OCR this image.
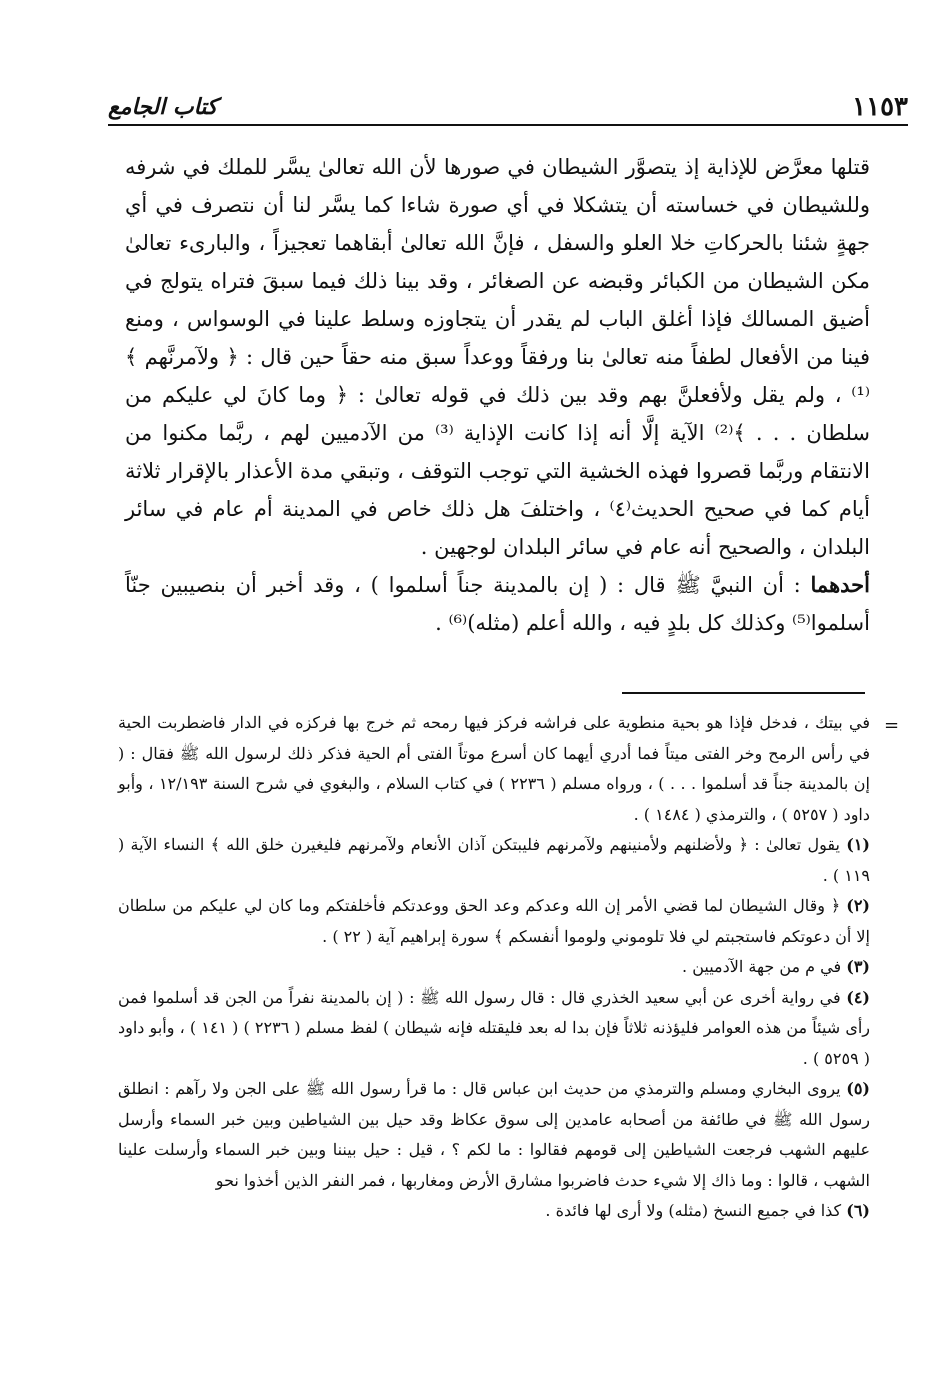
١١٥٣
كتاب الجامع

قتلها معرَّض للإذاية إذ يتصوَّر الشيطان في صورها لأن الله تعالىٰ يسَّر للملك في شرفه وللشيطان في خساسته أن يتشكلا في أي صورة شاءا كما يسَّر لنا أن نتصرف في أي جهةٍ شئنا بالحركاتِ خلا العلو والسفل ، فإنَّ الله تعالىٰ أبقاهما تعجيزاً ، والبارىء تعالىٰ مكن الشيطان من الكبائر وقبضه عن الصغائر ، وقد بينا ذلك فيما سبقَ فتراه يتولج في أضيق المسالك فإذا أغلق الباب لم يقدر أن يتجاوزه وسلط علينا في الوسواس ، ومنع فينا من الأفعال لطفاً منه تعالىٰ بنا ورفقاً ووعداً سبق منه حقاً حين قال : ﴿ ولآمرنَّهم ﴾⁽¹⁾ ، ولم يقل ولأفعلنَّ بهم وقد بين ذلك في قوله تعالىٰ : ﴿ وما كانَ لي عليكم من سلطان . . . ﴾⁽²⁾ الآية إلَّا أنه إذا كانت الإذاية ⁽³⁾ من الآدميين لهم ، ربَّما مكنوا من الانتقام وربَّما قصروا فهذه الخشية التي توجب التوقف ، وتبقي مدة الأعذار بالإقرار ثلاثة أيام كما في صحيح الحديث⁽٤⁾ ، واختلفَ هل ذلك خاص في المدينة أم عام في سائر البلدان ، والصحيح أنه عام في سائر البلدان لوجهين .

أحدهما : أن النبيَّ ﷺ قال : ( إن بالمدينة جناً أسلموا ) ، وقد أخبر أن بنصيبين جنّاً أسلموا⁽⁵⁾ وكذلك كل بلدٍ فيه ، والله أعلم (مثله)⁽⁶⁾ .

=

في بيتك ، فدخل فإذا هو بحية منطوية على فراشه فركز فيها رمحه ثم خرج بها فركزه في الدار فاضطربت الحية في رأس الرمح وخر الفتى ميتاً فما أدري أيهما كان أسرع موتاً الفتى أم الحية فذكر ذلك لرسول الله ﷺ فقال : ( إن بالمدينة جناً قد أسلموا . . . ) ، ورواه مسلم ( ٢٢٣٦ ) في كتاب السلام ، والبغوي في شرح السنة ١٢/١٩٣ ، وأبو داود ( ٥٢٥٧ ) ، والترمذي ( ١٤٨٤ ) .

(١) يقول تعالىٰ : ﴿ ولأضلنهم ولأمنينهم ولآمرنهم فليبتكن آذان الأنعام ولآمرنهم فليغيرن خلق الله ﴾ النساء الآية ( ١١٩ ) .

(٢) ﴿ وقال الشيطان لما قضي الأمر إن الله وعدكم وعد الحق ووعدتكم فأخلفتكم وما كان لي عليكم من سلطان إلا أن دعوتكم فاستجبتم لي فلا تلوموني ولوموا أنفسكم ﴾ سورة إبراهيم آية ( ٢٢ ) .

(٣) في م من جهة الآدميين .

(٤) في رواية أخرى عن أبي سعيد الخذري قال : قال رسول الله ﷺ : ( إن بالمدينة نفراً من الجن قد أسلموا فمن رأى شيئاً من هذه العوامر فليؤذنه ثلاثاً فإن بدا له بعد فليقتله فإنه شيطان ) لفظ مسلم ( ٢٢٣٦ ) ( ١٤١ ) ، وأبو داود ( ٥٢٥٩ ) .

(٥) يروى البخاري ومسلم والترمذي من حديث ابن عباس قال : ما قرأ رسول الله ﷺ على الجن ولا رآهم : انطلق رسول الله ﷺ في طائفة من أصحابه عامدين إلى سوق عكاظ وقد حيل بين الشياطين وبين خبر السماء وأرسل عليهم الشهب فرجعت الشياطين إلى قومهم فقالوا : ما لكم ؟ ، قيل : حيل بيننا وبين خبر السماء وأرسلت علينا الشهب ، قالوا : وما ذاك إلا شيء حدث فاضربوا مشارق الأرض ومغاربها ، فمر النفر الذين أخذوا نحو

(٦) كذا في جميع النسخ (مثله) ولا أرى لها فائدة .
